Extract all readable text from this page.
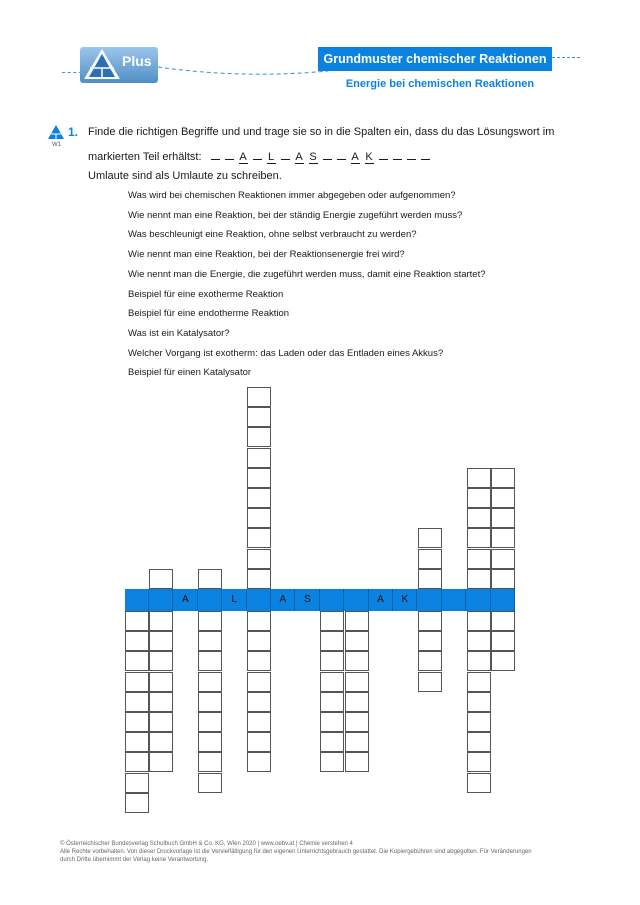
Plus	Grundmuster chemischer Reaktionen
Energie bei chemischen Reaktionen
W1
1. Finde die richtigen Begriffe und und trage sie so in die Spalten ein, dass du das Lösungswort im
markierten Teil erhältst:	A L A S	A K
Umlaute sind als Umlaute zu schreiben.
Was wird bei chemischen Reaktionen immer abgegeben oder aufgenommen?
Wie nennt man eine Reaktion, bei der ständig Energie zugeführt werden muss?
Was beschleunigt eine Reaktion, ohne selbst verbraucht zu werden?
Wie nennt man eine Reaktion, bei der Reaktionsenergie frei wird?
Wie nennt man die Energie, die zugeführt werden muss, damit eine Reaktion startet?
Beispiel für eine exotherme Reaktion
Beispiel für eine endotherme Reaktion
Was ist ein Katalysator?
Welcher Vorgang ist exotherm: das Laden oder das Entladen eines Akkus?
Beispiel für einen Katalysator
A	L	A	S	A	K
© Österreichischer Bundesverlag Schulbuch GmbH & Co. KG, Wien 2020 | www.oebv.at | Chemie verstehen 4
Alle Rechte vorbehalten. Von dieser Druckvorlage ist die Vervielfältigung für den eigenen Unterrichtsgebrauch gestattet. Die Kopiergebühren sind abgegolten. Für Veränderungen
durch Dritte übernimmt der Verlag keine Verantwortung.
